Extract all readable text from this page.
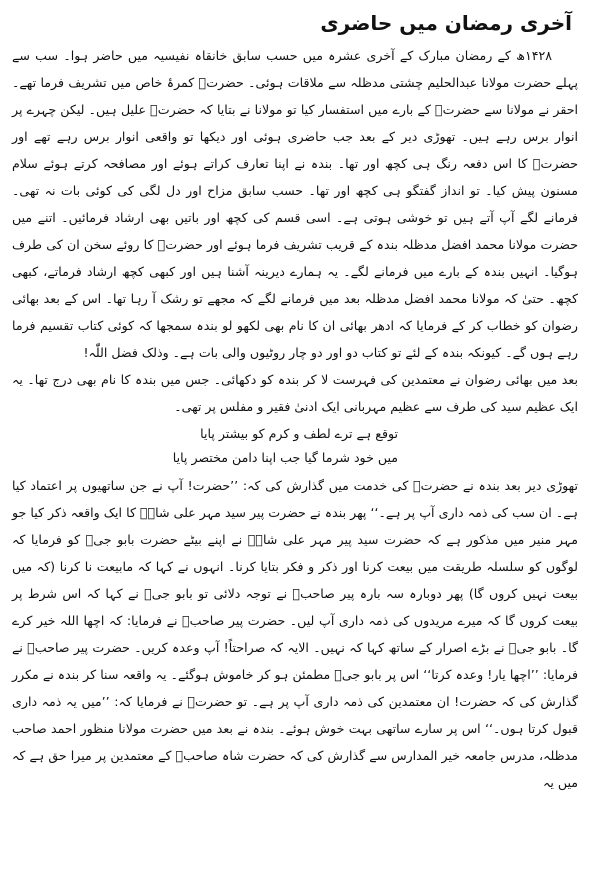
آخری رمضان میں حاضری

۱۴۲۸ھ کے رمضان مبارک کے آخری عشرہ میں حسب سابق خانقاہ نفیسیہ میں حاضر ہوا۔ سب سے پہلے حضرت مولانا عبدالحلیم چشتی مدظلہ سے ملاقات ہوئی۔ حضرتؒ کمرۂ خاص میں تشریف فرما تھے۔ احقر نے مولانا سے حضرتؒ کے بارے میں استفسار کیا تو مولانا نے بتایا کہ حضرتؒ علیل ہیں۔ لیکن چہرے پر انوار برس رہے ہیں۔ تھوڑی دیر کے بعد جب حاضری ہوئی اور دیکھا تو واقعی انوار برس رہے تھے اور حضرتؒ کا اس دفعہ رنگ ہی کچھ اور تھا۔ بندہ نے اپنا تعارف کراتے ہوئے اور مصافحہ کرتے ہوئے سلام مسنون پیش کیا۔ تو انداز گفتگو ہی کچھ اور تھا۔ حسب سابق مزاح اور دل لگی کی کوئی بات نہ تھی۔ فرمانے لگے آپ آتے ہیں تو خوشی ہوتی ہے۔ اسی قسم کی کچھ اور باتیں بھی ارشاد فرمائیں۔ اتنے میں حضرت مولانا محمد افضل مدظلہ بندہ کے قریب تشریف فرما ہوئے اور حضرتؒ کا روئے سخن ان کی طرف ہوگیا۔ انہیں بندہ کے بارے میں فرمانے لگے۔ یہ ہمارے دیرینہ آشنا ہیں اور کبھی کچھ ارشاد فرماتے، کبھی کچھ۔ حتیٰ کہ مولانا محمد افضل مدظلہ بعد میں فرمانے لگے کہ مجھے تو رشک آ رہا تھا۔ اس کے بعد بھائی رضوان کو خطاب کر کے فرمایا کہ ادھر بھائی ان کا نام بھی لکھو لو بندہ سمجھا کہ کوئی کتاب تقسیم فرما رہے ہوں گے۔ کیونکہ بندہ کے لئے تو کتاب دو اور دو چار روٹیوں والی بات ہے۔ وذلک فضل اللّٰہ!

بعد میں بھائی رضوان نے معتمدین کی فہرست لا کر بندہ کو دکھائی۔ جس میں بندہ کا نام بھی درج تھا۔ یہ ایک عظیم سید کی طرف سے عظیم مہربانی ایک ادنیٰ فقیر و مفلس پر تھی۔

توقع ہے ترے لطف و کرم کو بیشتر پایا

میں خود شرما گیا جب اپنا دامن مختصر پایا

تھوڑی دیر بعد بندہ نے حضرتؒ کی خدمت میں گذارش کی کہ: ’’حضرت! آپ نے جن ساتھیوں پر اعتماد کیا ہے۔ ان سب کی ذمہ داری آپ پر ہے۔‘‘ پھر بندہ نے حضرت پیر سید مہر علی شاہؒ کا ایک واقعہ ذکر کیا جو مہر منیر میں مذکور ہے کہ حضرت سید پیر مہر علی شاہؒ نے اپنے بیٹے حضرت بابو جیؒ کو فرمایا کہ لوگوں کو سلسلہ طریقت میں بیعت کرنا اور ذکر و فکر بتایا کرنا۔ انہوں نے کہا کہ مابیعت نا کرنا (کہ میں بیعت نہیں کروں گا) پھر دوبارہ سہ بارہ پیر صاحبؒ نے توجہ دلائی تو بابو جیؒ نے کہا کہ اس شرط پر بیعت کروں گا کہ میرے مریدوں کی ذمہ داری آپ لیں۔ حضرت پیر صاحبؒ نے فرمایا: کہ اچھا اللہ خیر کرے گا۔ بابو جیؒ نے بڑے اصرار کے ساتھ کہا کہ نہیں۔ الایہ کہ صراحتاً! آپ وعدہ کریں۔ حضرت پیر صاحبؒ نے فرمایا: ’’اچھا یار! وعدہ کرتا‘‘ اس پر بابو جیؒ مطمئن ہو کر خاموش ہوگئے۔ یہ واقعہ سنا کر بندہ نے مکرر گذارش کی کہ حضرت! ان معتمدین کی ذمہ داری آپ پر ہے۔ تو حضرتؒ نے فرمایا کہ: ’’میں یہ ذمہ داری قبول کرتا ہوں۔‘‘ اس پر سارے ساتھی بہت خوش ہوئے۔ بندہ نے بعد میں حضرت مولانا منظور احمد صاحب مدظلہ، مدرس جامعہ خیر المدارس سے گذارش کی کہ حضرت شاہ صاحبؒ کے معتمدین پر میرا حق ہے کہ میں یہ
